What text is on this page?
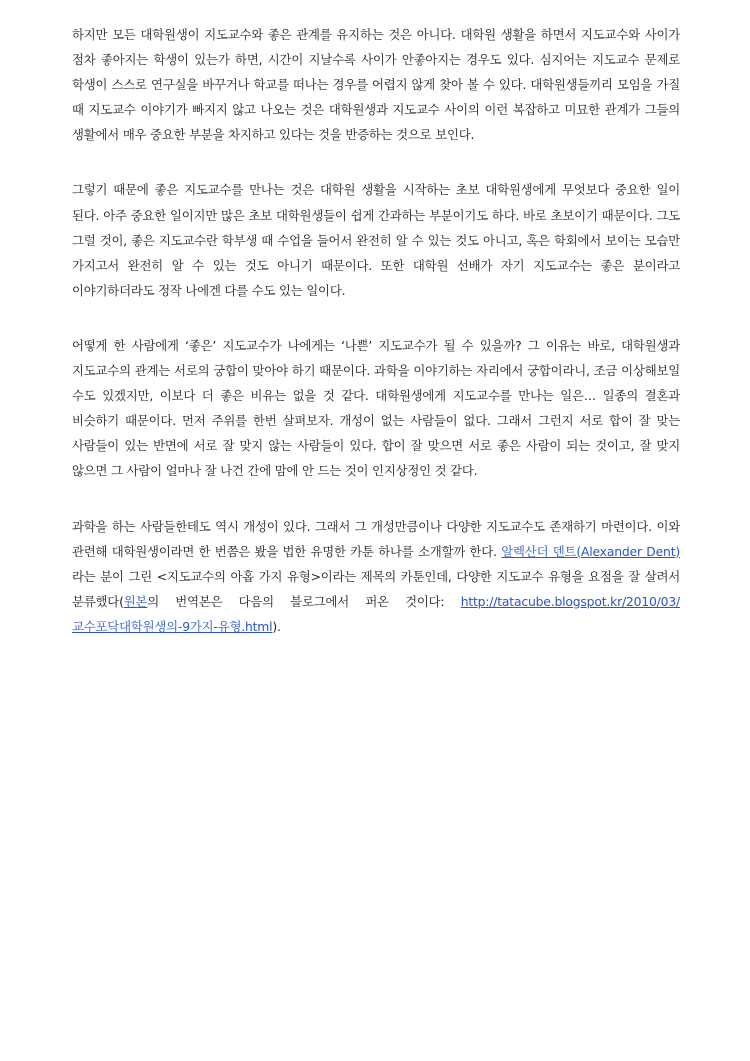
하지만 모든 대학원생이 지도교수와 좋은 관계를 유지하는 것은 아니다. 대학원 생활을 하면서 지도교수와 사이가 점차 좋아지는 학생이 있는가 하면, 시간이 지날수록 사이가 안좋아지는 경우도 있다. 심지어는 지도교수 문제로 학생이 스스로 연구실을 바꾸거나 학교를 떠나는 경우를 어렵지 않게 찾아 볼 수 있다. 대학원생들끼리 모임을 가질 때 지도교수 이야기가 빠지지 않고 나오는 것은 대학원생과 지도교수 사이의 이런 복잡하고 미묘한 관계가 그들의 생활에서 매우 중요한 부분을 차지하고 있다는 것을 반증하는 것으로 보인다.

그렇기 때문에 좋은 지도교수를 만나는 것은 대학원 생활을 시작하는 초보 대학원생에게 무엇보다 중요한 일이 된다. 아주 중요한 일이지만 많은 초보 대학원생들이 쉽게 간과하는 부분이기도 하다. 바로 초보이기 때문이다. 그도 그럴 것이, 좋은 지도교수란 학부생 때 수업을 들어서 완전히 알 수 있는 것도 아니고, 혹은 학회에서 보이는 모습만 가지고서 완전히 알 수 있는 것도 아니기 때문이다. 또한 대학원 선배가 자기 지도교수는 좋은 분이라고 이야기하더라도 정작 나에겐 다를 수도 있는 일이다.

어떻게 한 사람에게 ‘좋은’ 지도교수가 나에게는 ‘나쁜’ 지도교수가 될 수 있을까? 그 이유는 바로, 대학원생과 지도교수의 관계는 서로의 궁합이 맞아야 하기 때문이다. 과학을 이야기하는 자리에서 궁합이라니, 조금 이상해보일 수도 있겠지만, 이보다 더 좋은 비유는 없을 것 같다. 대학원생에게 지도교수를 만나는 일은… 일종의 결혼과 비슷하기 때문이다. 먼저 주위를 한번 살펴보자. 개성이 없는 사람들이 없다. 그래서 그런지 서로 합이 잘 맞는 사람들이 있는 반면에 서로 잘 맞지 않는 사람들이 있다. 합이 잘 맞으면 서로 좋은 사람이 되는 것이고, 잘 맞지 않으면 그 사람이 얼마나 잘 나건 간에 맘에 안 드는 것이 인지상정인 것 같다.

과학을 하는 사람들한테도 역시 개성이 있다. 그래서 그 개성만큼이나 다양한 지도교수도 존재하기 마련이다. 이와 관련해 대학원생이라면 한 번쯤은 봤을 법한 유명한 카툰 하나를 소개할까 한다. 알렉산더 덴트(Alexander Dent)라는 분이 그린 <지도교수의 아홉 가지 유형>이라는 제목의 카툰인데, 다양한 지도교수 유형을 요점을 잘 살려서 분류했다(원본의 번역본은 다음의 블로그에서 퍼온 것이다: http://tatacube.blogspot.kr/2010/03/교수포닥대학원생의-9가지-유형.html).
